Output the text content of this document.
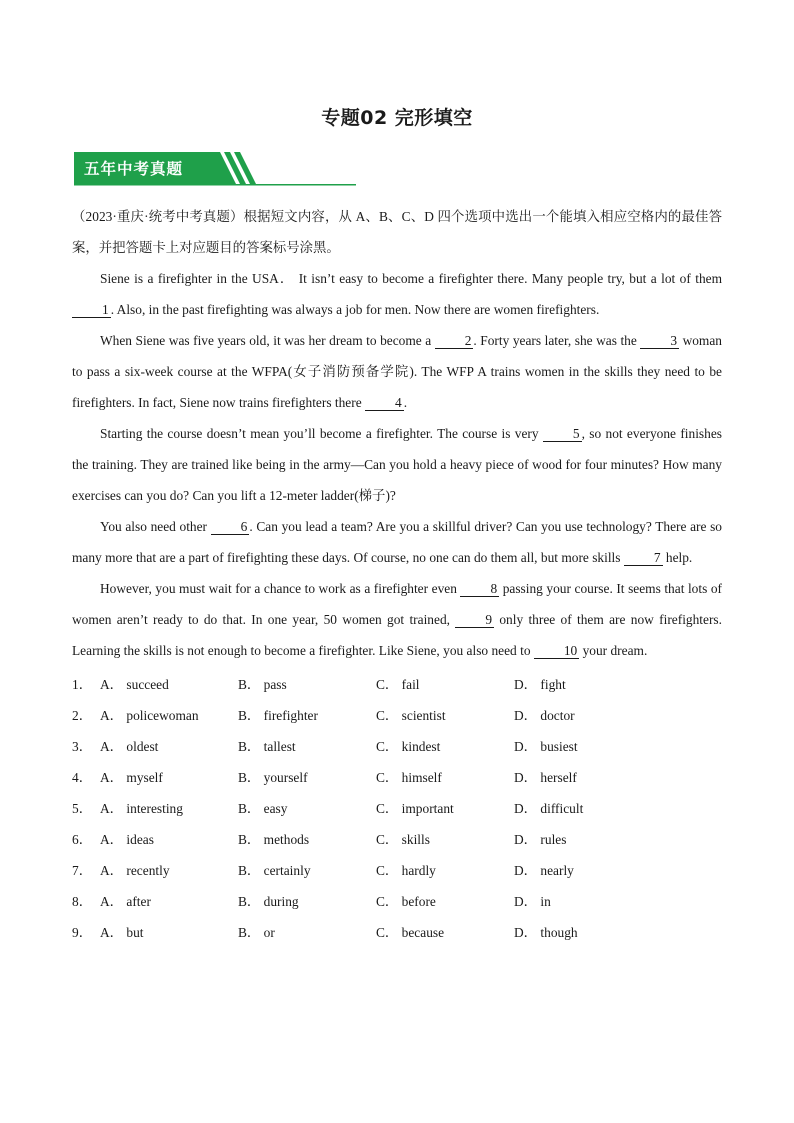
专题02 完形填空
五年中考真题

（2023·重庆·统考中考真题）根据短文内容，从 A、B、C、D 四个选项中选出一个能填入相应空格内的最佳答案，并把答题卡上对应题目的答案标号涂黑。

Siene is a firefighter in the USA． It isn’t easy to become a firefighter there. Many people try, but a lot of them 1 . Also, in the past firefighting was always a job for men. Now there are women firefighters.

When Siene was five years old, it was her dream to become a 2 . Forty years later, she was the 3 woman to pass a six-week course at the WFPA(女子消防预备学院). The WFP A trains women in the skills they need to be firefighters. In fact, Siene now trains firefighters there 4 .

Starting the course doesn’t mean you’ll become a firefighter. The course is very 5 , so not everyone finishes the training. They are trained like being in the army—Can you hold a heavy piece of wood for four minutes? How many exercises can you do? Can you lift a 12-meter ladder(梯子)?

You also need other 6 . Can you lead a team? Are you a skillful driver? Can you use technology? There are so many more that are a part of firefighting these days. Of course, no one can do them all, but more skills 7 help.

However, you must wait for a chance to work as a firefighter even 8 passing your course. It seems that lots of women aren’t ready to do that. In one year, 50 women got trained, 9 only three of them are now firefighters. Learning the skills is not enough to become a firefighter. Like Siene, you also need to 10 your dream.

1． A． succeed	B． pass	C． fail	D． fight
2． A． policewoman	B． firefighter	C． scientist	D． doctor
3． A． oldest	B． tallest	C． kindest	D． busiest
4． A． myself	B． yourself	C． himself	D． herself
5． A． interesting	B． easy	C． important	D． difficult
6． A． ideas	B． methods	C． skills	D． rules
7． A． recently	B． certainly	C． hardly	D． nearly
8． A． after	B． during	C． before	D． in
9． A． but	B． or	C． because	D． though
